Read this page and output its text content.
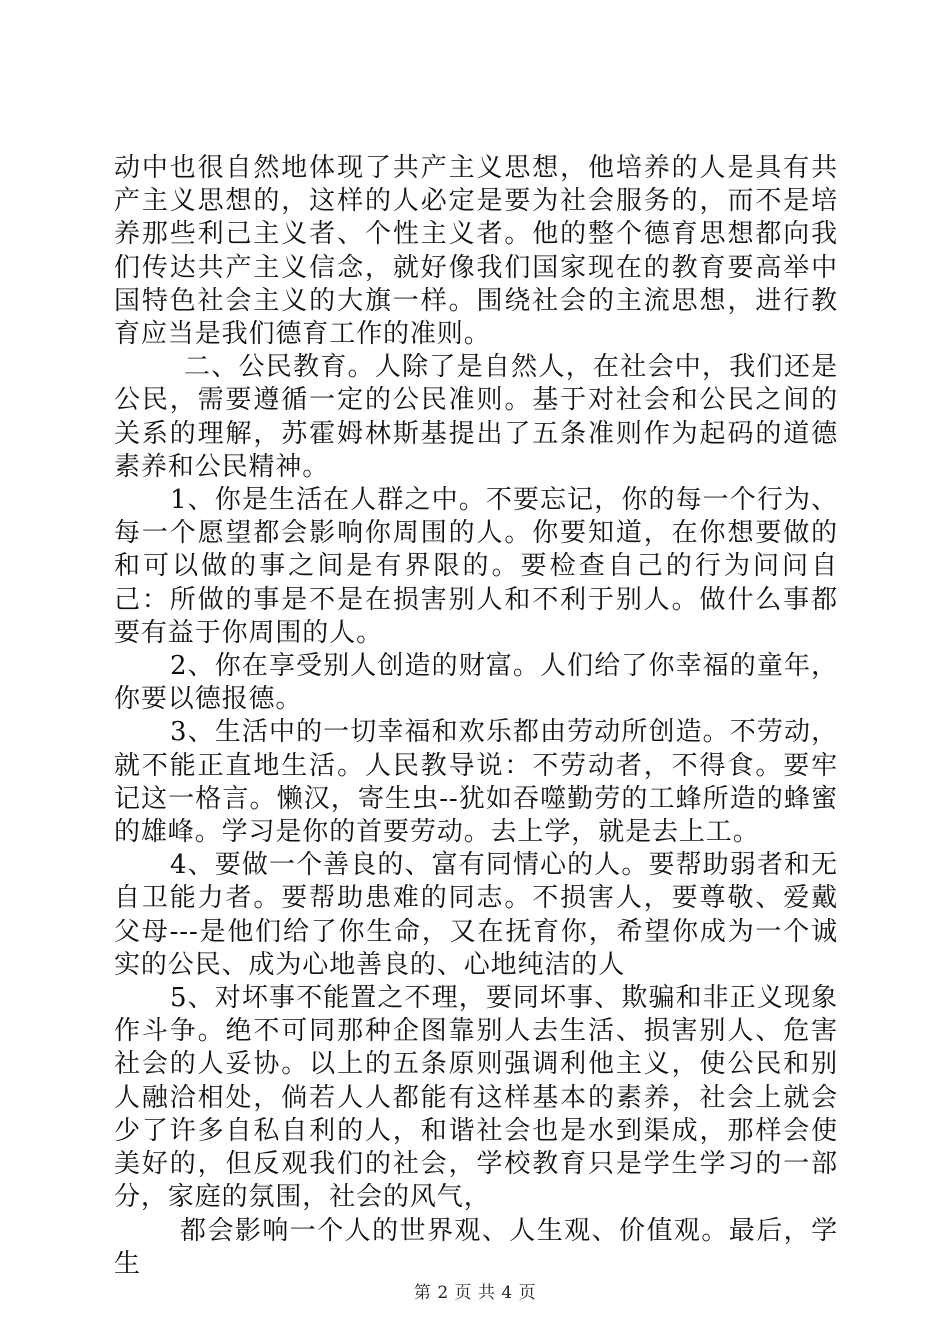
动中也很自然地体现了共产主义思想，他培养的人是具有共产主义思想的，这样的人必定是要为社会服务的，而不是培养那些利己主义者、个性主义者。他的整个德育思想都向我们传达共产主义信念，就好像我们国家现在的教育要高举中国特色社会主义的大旗一样。围绕社会的主流思想，进行教育应当是我们德育工作的准则。

二、公民教育。人除了是自然人，在社会中，我们还是公民，需要遵循一定的公民准则。基于对社会和公民之间的关系的理解，苏霍姆林斯基提出了五条准则作为起码的道德素养和公民精神。

1、你是生活在人群之中。不要忘记，你的每一个行为、每一个愿望都会影响你周围的人。你要知道，在你想要做的和可以做的事之间是有界限的。要检查自己的行为问问自己：所做的事是不是在损害别人和不利于别人。做什么事都要有益于你周围的人。

2、你在享受别人创造的财富。人们给了你幸福的童年，你要以德报德。

3、生活中的一切幸福和欢乐都由劳动所创造。不劳动，就不能正直地生活。人民教导说：不劳动者，不得食。要牢记这一格言。懒汉，寄生虫--犹如吞噬勤劳的工蜂所造的蜂蜜的雄峰。学习是你的首要劳动。去上学，就是去上工。

4、要做一个善良的、富有同情心的人。要帮助弱者和无自卫能力者。要帮助患难的同志。不损害人，要尊敬、爱戴父母---是他们给了你生命，又在抚育你，希望你成为一个诚实的公民、成为心地善良的、心地纯洁的人

5、对坏事不能置之不理，要同坏事、欺骗和非正义现象作斗争。绝不可同那种企图靠别人去生活、损害别人、危害社会的人妥协。以上的五条原则强调利他主义，使公民和别人融洽相处，倘若人人都能有这样基本的素养，社会上就会少了许多自私自利的人，和谐社会也是水到渠成，那样会使美好的，但反观我们的社会，学校教育只是学生学习的一部分，家庭的氛围，社会的风气，

都会影响一个人的世界观、人生观、价值观。最后，学生

第 2 页 共 4 页
